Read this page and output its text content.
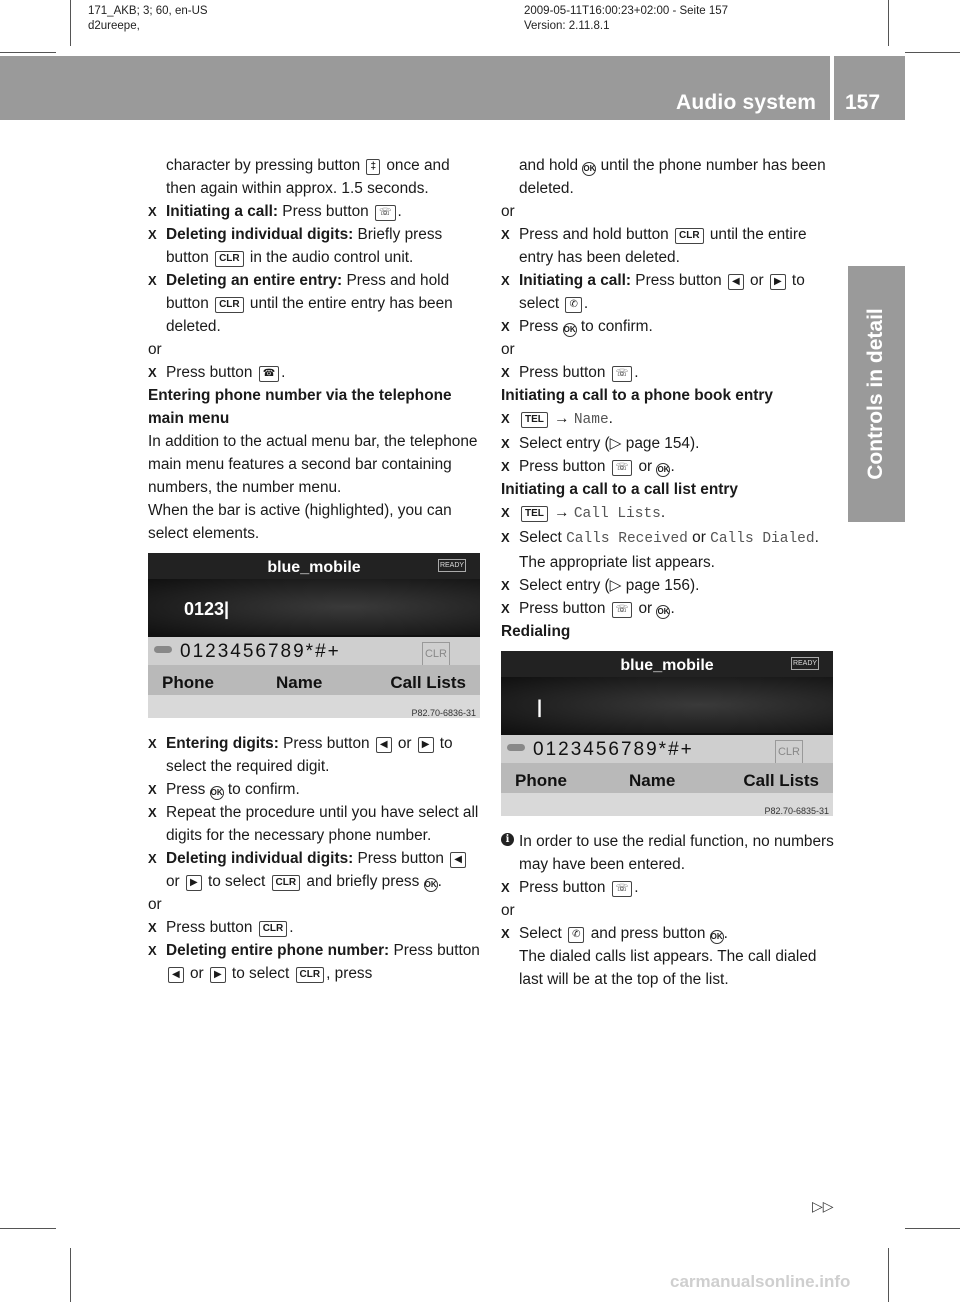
171_AKB; 3; 60, en-US
d2ureepe,
2009-05-11T16:00:23+02:00 - Seite 157
Version: 2.11.8.1
Audio system 157
Controls in detail

character by pressing button ‡ once and then again within approx. 1.5 seconds.

X Initiating a call: Press button ☏ .

X Deleting individual digits: Briefly press button CLR in the audio control unit.

X Deleting an entire entry: Press and hold button CLR until the entire entry has been deleted.

or

X Press button ☎ .

Entering phone number via the telephone main menu

In addition to the actual menu bar, the telephone main menu features a second bar containing numbers, the number menu.

When the bar is active (highlighted), you can select elements.

blue_mobile	READY
0123|
0123456789*#+	CLR
Phone	Name	Call Lists
P82.70-6836-31

X Entering digits: Press button ◀ or ▶ to select the required digit.

X Press OK to confirm.

X Repeat the procedure until you have select all digits for the necessary phone number.

X Deleting individual digits: Press button ◀ or ▶ to select CLR and briefly press OK.

or

X Press button CLR .

X Deleting entire phone number: Press button ◀ or ▶ to select CLR , press

and hold OK until the phone number has been deleted.

or

X Press and hold button CLR until the entire entry has been deleted.

X Initiating a call: Press button ◀ or ▶ to select ✆ .

X Press OK to confirm.

or

X Press button ☏ .

Initiating a call to a phone book entry

X TEL → Name.

X Select entry (▷ page 154).

X Press button ☏ or OK.

Initiating a call to a call list entry

X TEL → Call Lists.

X Select Calls Received or Calls Dialed.
The appropriate list appears.

X Select entry (▷ page 156).

X Press button ☏ or OK.

Redialing

blue_mobile	READY
|
0123456789*#+	CLR
Phone	Name	Call Lists
P82.70-6835-31

i In order to use the redial function, no numbers may have been entered.

X Press button ☏ .

or

X Select ✆ and press button OK.
The dialed calls list appears. The call dialed last will be at the top of the list.

▷▷
carmanualsonline.info
